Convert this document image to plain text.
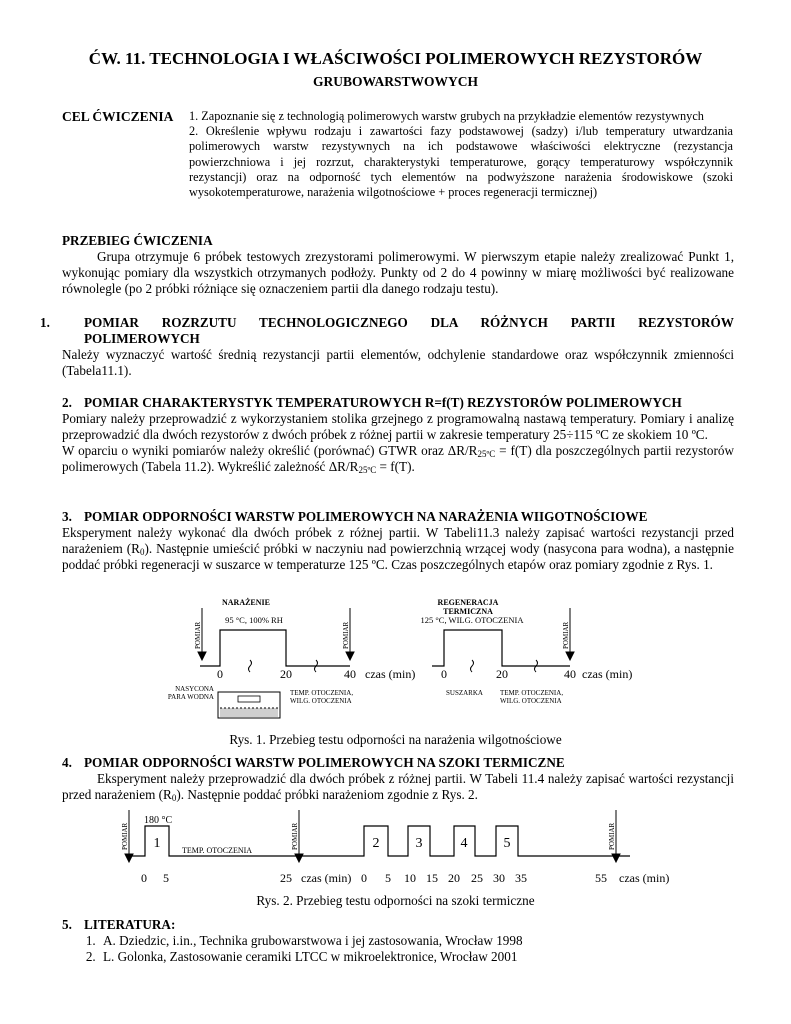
ĆW. 11. TECHNOLOGIA I WŁAŚCIWOŚCI POLIMEROWYCH REZYSTORÓW
GRUBOWARSTWOWYCH
CEL ĆWICZENIA 1. Zapoznanie się z technologią polimerowych warstw grubych na przykładzie elementów rezystywnych

2. Określenie wpływu rodzaju i zawartości fazy podstawowej (sadzy) i/lub temperatury utwardzania polimerowych warstw rezystywnych na ich podstawowe właściwości elektryczne (rezystancja powierzchniowa i jej rozrzut, charakterystyki temperaturowe, gorący temperaturowy współczynnik rezystancji) oraz na odporność tych elementów na podwyższone narażenia środowiskowe (szoki wysokotemperaturowe, narażenia wilgotnościowe + proces regeneracji termicznej)

PRZEBIEG ĆWICZENIA

Grupa otrzymuje 6 próbek testowych zrezystorami polimerowymi. W pierwszym etapie należy zrealizować Punkt 1, wykonując pomiary dla wszystkich otrzymanych podłoży. Punkty od 2 do 4 powinny w miarę możliwości być realizowane równolegle (po 2 próbki różniące się oznaczeniem partii dla danego rodzaju testu).

1.	POMIAR ROZRZUTU TECHNOLOGICZNEGO DLA RÓŻNYCH PARTII REZYSTORÓW POLIMEROWYCH

Należy wyznaczyć wartość średnią rezystancji partii elementów, odchylenie standardowe oraz współczynnik zmienności (Tabela11.1).

2. POMIAR CHARAKTERYSTYK TEMPERATUROWYCH R=f(T) REZYSTORÓW POLIMEROWYCH

Pomiary należy przeprowadzić z wykorzystaniem stolika grzejnego z programowalną nastawą temperatury. Pomiary i analizę przeprowadzić dla dwóch rezystorów z dwóch próbek z różnej partii w zakresie temperatury 25÷115 ºC ze skokiem 10 ºC.

W oparciu o wyniki pomiarów należy określić (porównać) GTWR oraz $\Delta R/R_{25ºC} = f(T)$ dla poszczególnych partii rezystorów polimerowych (Tabela 11.2). Wykreślić zależność $\Delta R/R_{25ºC} = f(T)$.

3. POMIAR ODPORNOŚCI WARSTW POLIMEROWYCH NA NARAŻENIA WIIGOTNOŚCIOWE

Eksperyment należy wykonać dla dwóch próbek z różnej partii. W Tabeli11.3 należy zapisać wartości rezystancji przed narażeniem $(R_0)$. Następnie umieścić próbki w naczyniu nad powierzchnią wrzącej wody (nasycona para wodna), a następnie poddać próbki regeneracji w suszarce w temperaturze 125 ºC. Czas poszczególnych etapów oraz pomiary zgodnie z Rys. 1.

NARAŻENIE	REGENERACJA
TERMICZNA
95 °C, 100% RH	125 °C, WILG. OTOCZENIA
POMIAR	POMIAR	POMIAR
0	20	40	0	20	40
czas (min)	czas (min)
NASYCONA
PARA WODNA	TEMP. OTOCZENIA,
WILG. OTOCZENIA
SUSZARKA TEMP. OTOCZENIA,
WILG. OTOCZENIA
Rys. 1. Przebieg testu odporności na narażenia wilgotnościowe
4. POMIAR ODPORNOŚCI WARSTW POLIMEROWYCH NA SZOKI TERMICZNE

Eksperyment należy przeprowadzić dla dwóch próbek z różnej partii. W Tabeli 11.4 należy zapisać wartości rezystancji przed narażeniem $(R_0)$. Następnie poddać próbki narażeniom zgodnie z Rys. 2.

180 °C
POMIAR	POMIAR	POMIAR
1	2	3	4	5
TEMP. OTOCZENIA
0 5	25	0 5 10 15 20 25 30 35	55
czas (min)	czas (min)
Rys. 2. Przebieg testu odporności na szoki termiczne
5. LITERATURA:
1. A. Dziedzic, i.in., Technika grubowarstwowa i jej zastosowania, Wrocław 1998
2. L. Golonka, Zastosowanie ceramiki LTCC w mikroelektronice, Wrocław 2001
